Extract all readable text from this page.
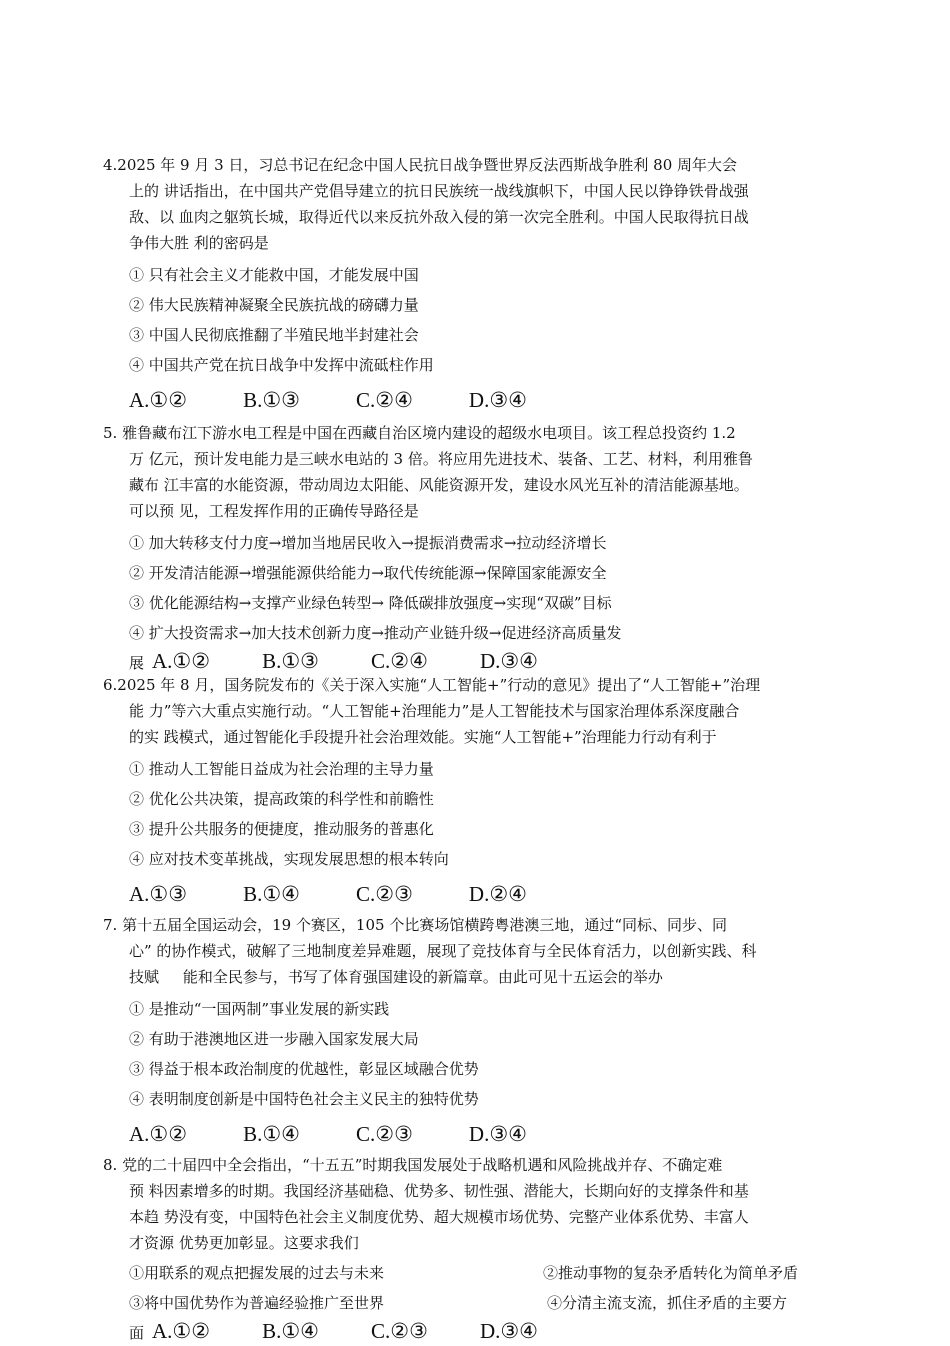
4.2025 年 9 月 3 日，习总书记在纪念中国人民抗日战争暨世界反法西斯战争胜利 80 周年大会
上的 讲话指出，在中国共产党倡导建立的抗日民族统一战线旗帜下，中国人民以铮铮铁骨战强
敌、以 血肉之躯筑长城，取得近代以来反抗外敌入侵的第一次完全胜利。中国人民取得抗日战
争伟大胜 利的密码是
① 只有社会主义才能救中国，才能发展中国
② 伟大民族精神凝聚全民族抗战的磅礴力量
③ 中国人民彻底推翻了半殖民地半封建社会
④ 中国共产党在抗日战争中发挥中流砥柱作用
A.①②	B.①③	C.②④	D.③④
5. 雅鲁藏布江下游水电工程是中国在西藏自治区境内建设的超级水电项目。该工程总投资约 1.2
万 亿元，预计发电能力是三峡水电站的 3 倍。将应用先进技术、装备、工艺、材料，利用雅鲁
藏布 江丰富的水能资源，带动周边太阳能、风能资源开发，建设水风光互补的清洁能源基地。
可以预 见，工程发挥作用的正确传导路径是
① 加大转移支付力度→增加当地居民收入→提振消费需求→拉动经济增长
② 开发清洁能源→增强能源供给能力→取代传统能源→保障国家能源安全
③ 优化能源结构→支撑产业绿色转型→ 降低碳排放强度→实现“双碳”目标
④ 扩大投资需求→加大技术创新力度→推动产业链升级→促进经济高质量发
展 A.①② B.①③ C.②④ D.③④
6.2025 年 8 月，国务院发布的《关于深入实施“人工智能+”行动的意见》提出了“人工智能+”治理
能 力”等六大重点实施行动。“人工智能+治理能力”是人工智能技术与国家治理体系深度融合
的实 践模式，通过智能化手段提升社会治理效能。实施“人工智能+”治理能力行动有利于
① 推动人工智能日益成为社会治理的主导力量
② 优化公共决策，提高政策的科学性和前瞻性
③ 提升公共服务的便捷度，推动服务的普惠化
④ 应对技术变革挑战，实现发展思想的根本转向
A.①③	B.①④	C.②③	D.②④
7. 第十五届全国运动会，19 个赛区，105 个比赛场馆横跨粤港澳三地，通过“同标、同步、同
心” 的协作模式，破解了三地制度差异难题，展现了竞技体育与全民体育活力，以创新实践、科
技赋     能和全民参与，书写了体育强国建设的新篇章。由此可见十五运会的举办
① 是推动“一国两制”事业发展的新实践
② 有助于港澳地区进一步融入国家发展大局
③ 得益于根本政治制度的优越性，彰显区域融合优势
④ 表明制度创新是中国特色社会主义民主的独特优势
A.①②	B.①④	C.②③	D.③④
8. 党的二十届四中全会指出，“十五五”时期我国发展处于战略机遇和风险挑战并存、不确定难
预 料因素增多的时期。我国经济基础稳、优势多、韧性强、潜能大，长期向好的支撑条件和基
本趋 势没有变，中国特色社会主义制度优势、超大规模市场优势、完整产业体系优势、丰富人
才资源 优势更加彰显。这要求我们
①用联系的观点把握发展的过去与未来	②推动事物的复杂矛盾转化为简单矛盾
③将中国优势作为普遍经验推广至世界	④分清主流支流，抓住矛盾的主要方
面 A.①② B.①④ C.②③ D.③④
